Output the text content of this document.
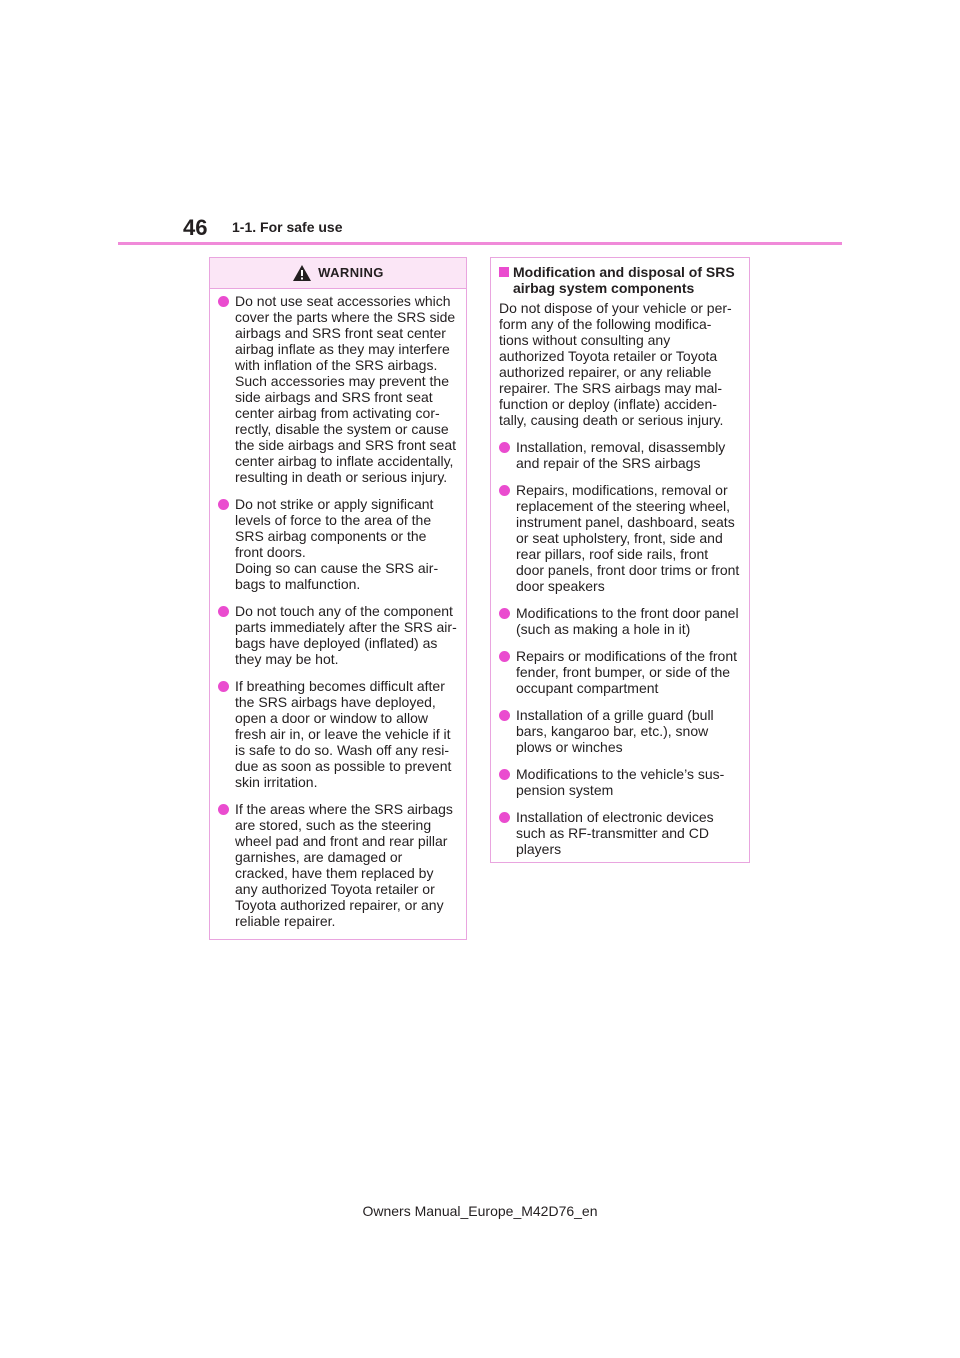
46 1-1. For safe use
WARNING
Do not use seat accessories which
cover the parts where the SRS side
airbags and SRS front seat center
airbag inflate as they may interfere
with inflation of the SRS airbags.
Such accessories may prevent the
side airbags and SRS front seat
center airbag from activating cor-
rectly, disable the system or cause
the side airbags and SRS front seat
center airbag to inflate accidentally,
resulting in death or serious injury.
Do not strike or apply significant
levels of force to the area of the
SRS airbag components or the
front doors.
Doing so can cause the SRS air-
bags to malfunction.
Do not touch any of the component
parts immediately after the SRS air-
bags have deployed (inflated) as
they may be hot.
If breathing becomes difficult after
the SRS airbags have deployed,
open a door or window to allow
fresh air in, or leave the vehicle if it
is safe to do so. Wash off any resi-
due as soon as possible to prevent
skin irritation.
If the areas where the SRS airbags
are stored, such as the steering
wheel pad and front and rear pillar
garnishes, are damaged or
cracked, have them replaced by
any authorized Toyota retailer or
Toyota authorized repairer, or any
reliable repairer.
Modification and disposal of SRS
airbag system components
Do not dispose of your vehicle or per-
form any of the following modifica-
tions without consulting any
authorized Toyota retailer or Toyota
authorized repairer, or any reliable
repairer. The SRS airbags may mal-
function or deploy (inflate) acciden-
tally, causing death or serious injury.
Installation, removal, disassembly
and repair of the SRS airbags
Repairs, modifications, removal or
replacement of the steering wheel,
instrument panel, dashboard, seats
or seat upholstery, front, side and
rear pillars, roof side rails, front
door panels, front door trims or front
door speakers
Modifications to the front door panel
(such as making a hole in it)
Repairs or modifications of the front
fender, front bumper, or side of the
occupant compartment
Installation of a grille guard (bull
bars, kangaroo bar, etc.), snow
plows or winches
Modifications to the vehicle’s sus-
pension system
Installation of electronic devices
such as RF-transmitter and CD
players
Owners Manual_Europe_M42D76_en
